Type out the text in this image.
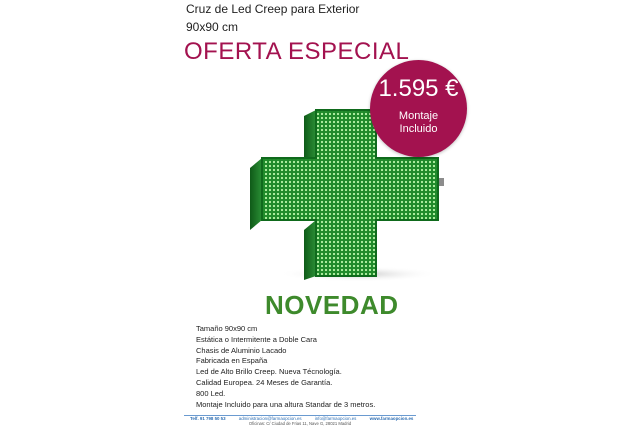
Cruz de Led Creep para Exterior
90x90 cm
OFERTA ESPECIAL
1.595 €
Montaje
Incluido
NOVEDAD
Tamaño 90x90 cm
Estática o Intermitente a Doble Cara
Chasis de Aluminio Lacado
Fabricada en España
Led de Alto Brillo Creep. Nueva Técnología.
Calidad Europea. 24 Meses de Garantía.
800 Led.
Montaje Incluido para una altura Standar de 3 metros.
Telf. 91 798 50 53	administracion@farmaopcion.es	info@farmaopcion.es	www.farmaopcion.es
Oficinas: C/ Ciudad de Frias 11, Nave G, 28021 Madrid
